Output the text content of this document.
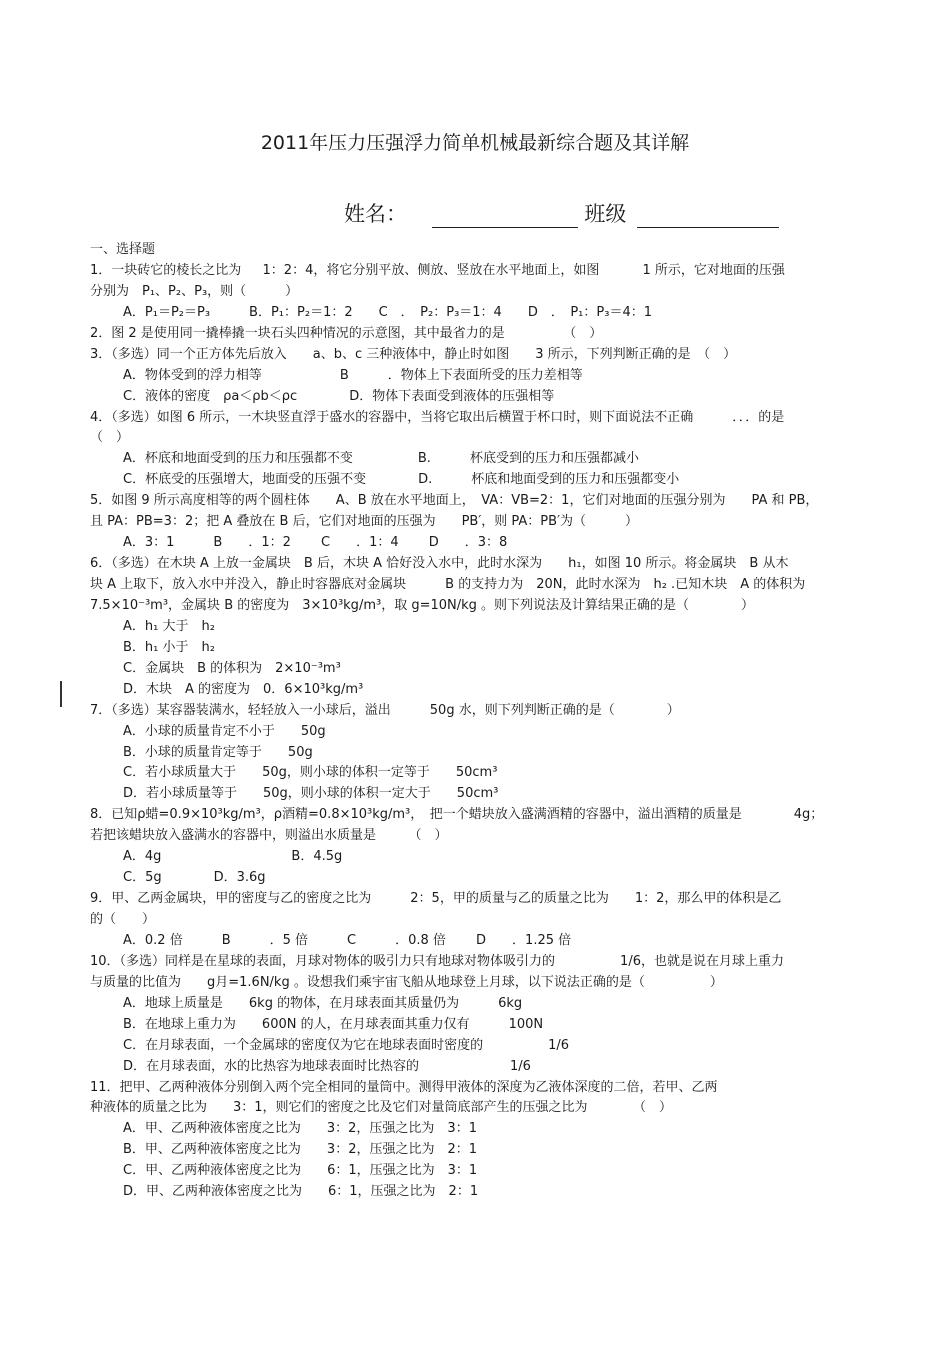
2011年压力压强浮力简单机械最新综合题及其详解
姓名：	班级
一、选择题
1．一块砖它的棱长之比为　  1：2：4，将它分别平放、侧放、竖放在水平地面上，如图　　　 1 所示，它对地面的压强
分别为　P₁、P₂、P₃，则（　　　）
A．P₁＝P₂＝P₃　　　B．P₁：P₂＝1：2　　C　．　P₂：P₃＝1：4　　D　．　P₁：P₃＝4：1
2．图 2 是使用同一撬棒撬一块石头四种情况的示意图，其中最省力的是　　　　　（　）
3．（多选）同一个正方体先后放入　　a、b、c 三种液体中，静止时如图　　3 所示，下列判断正确的是　（　）
A．物体受到的浮力相等　　　　　　B　　　．物体上下表面所受的压力差相等
C．液体的密度　ρa＜ρb＜ρc　　　　D．物体下表面受到液体的压强相等
4．（多选）如图 6 所示，一木块竖直浮于盛水的容器中，当将它取出后横置于杯口时，则下面说法不正确　　　．．．的是
（　）
A．杯底和地面受到的压力和压强都不变　　　　　B.　　　杯底受到的压力和压强都减小
C．杯底受的压强增大，地面受的压强不变　　　　D.　　　杯底和地面受到的压力和压强都变小
5．如图 9 所示高度相等的两个圆柱体　　A、B 放在水平地面上，　VA：VB=2：1，它们对地面的压强分别为　　PA 和 PB，
且 PA：PB=3：2；把 A 叠放在 B 后，它们对地面的压强为　　PB′，则 PA：PB′为（　　　）
A．3：1　　　B　　．1：2　　 C　　．1：4　　 D　　．3：8
6．（多选）在木块 A 上放一金属块　B 后，木块 A 恰好没入水中，此时水深为　　h₁，如图 10 所示。将金属块　B 从木
块 A 上取下，放入水中并没入，静止时容器底对金属块　　　B 的支持力为　20N，此时水深为　h₂ .已知木块　A 的体积为
7.5×10⁻³m³，金属块 B 的密度为　3×10³kg/m³，取 g=10N/kg 。则下列说法及计算结果正确的是（　　　　）
A．h₁ 大于　h₂
B．h₁ 小于　h₂
C．金属块　B 的体积为　2×10⁻³m³
D．木块　A 的密度为　0．6×10³kg/m³
7．（多选）某容器装满水，轻轻放入一小球后，溢出　　　50g 水，则下列判断正确的是（　　　　）
A．小球的质量肯定不小于　　50g
B．小球的质量肯定等于　　50g
C．若小球质量大于　　50g，则小球的体积一定等于　　50cm³
D．若小球质量等于　　50g，则小球的体积一定大于　　50cm³
8．已知ρ蜡=0.9×10³kg/m³，ρ酒精=0.8×10³kg/m³，　把一个蜡块放入盛满酒精的容器中，溢出酒精的质量是　　　　4g；
若把该蜡块放入盛满水的容器中，则溢出水质量是　　　（　）
A．4g　　　　　　　　　　B．4.5g
C．5g　　　　D．3.6g
9．甲、乙两金属块，甲的密度与乙的密度之比为　　　2：5，甲的质量与乙的质量之比为　　1：2，那么甲的体积是乙
的（　　）
A．0.2 倍　　　B　　　．5 倍　　　C　　　．0.8 倍　　 D　　．1.25 倍
10．（多选）同样是在星球的表面，月球对物体的吸引力只有地球对物体吸引力的　　　　　1/6，也就是说在月球上重力
与质量的比值为　　g月=1.6N/kg 。设想我们乘宇宙飞船从地球登上月球，以下说法正确的是（　　　　　）
A．地球上质量是　　6kg 的物体，在月球表面其质量仍为　　　6kg
B．在地球上重力为　　600N 的人，在月球表面其重力仅有　　　100N
C．在月球表面，一个金属球的密度仅为它在地球表面时密度的　　　　　1/6
D．在月球表面，水的比热容为地球表面时比热容的　　　　　　　1/6
11．把甲、乙两种液体分别倒入两个完全相同的量筒中。测得甲液体的深度为乙液体深度的二倍，若甲、乙两
种液体的质量之比为　　3：1，则它们的密度之比及它们对量筒底部产生的压强之比为　　　　（　）
A．甲、乙两种液体密度之比为　　3：2，压强之比为　3：1
B．甲、乙两种液体密度之比为　　3：2，压强之比为　2：1
C．甲、乙两种液体密度之比为　　6：1，压强之比为　3：1
D．甲、乙两种液体密度之比为　　6：1，压强之比为　2：1
